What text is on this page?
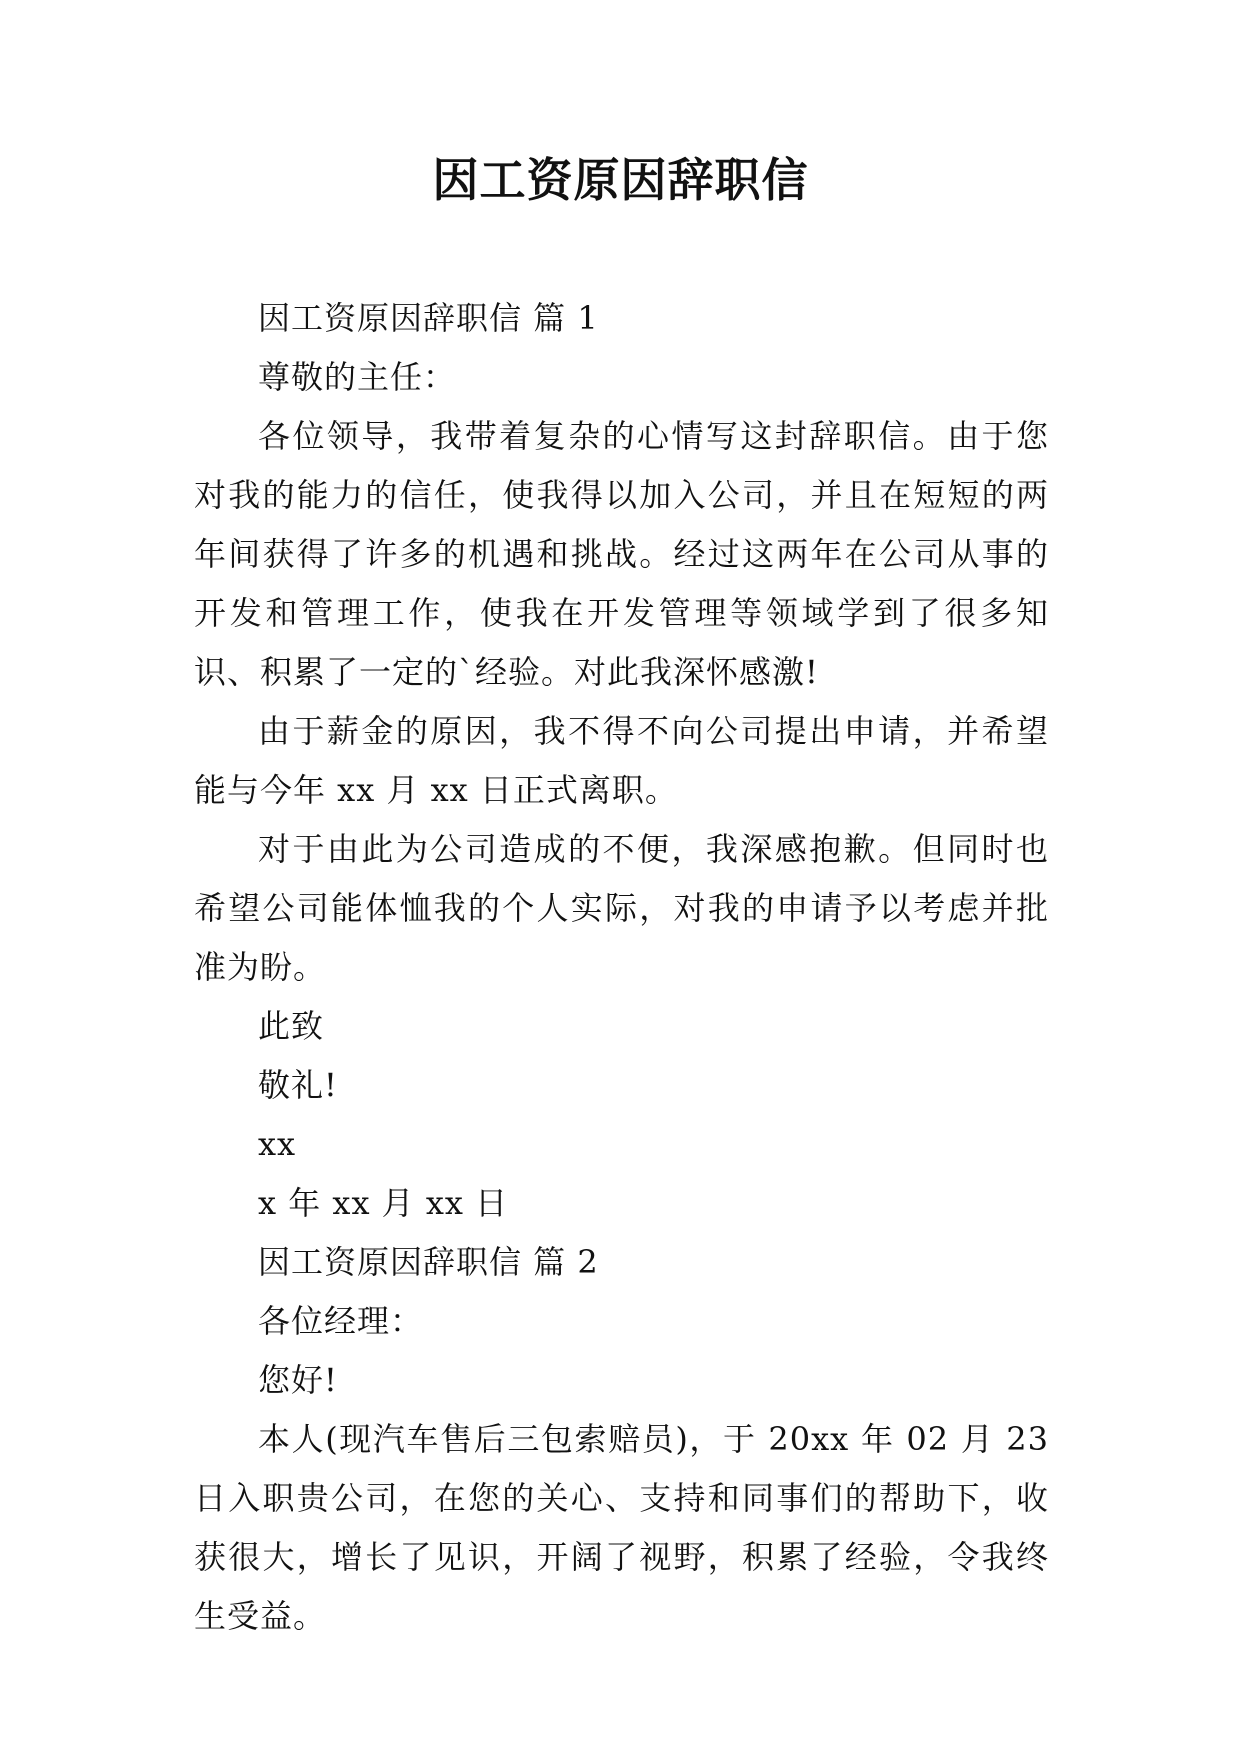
因工资原因辞职信

因工资原因辞职信 篇 1

尊敬的主任：

各位领导，我带着复杂的心情写这封辞职信。由于您对我的能力的信任，使我得以加入公司，并且在短短的两年间获得了许多的机遇和挑战。经过这两年在公司从事的开发和管理工作，使我在开发管理等领域学到了很多知识、积累了一定的`经验。对此我深怀感激!

由于薪金的原因，我不得不向公司提出申请，并希望能与今年 xx 月 xx 日正式离职。

对于由此为公司造成的不便，我深感抱歉。但同时也希望公司能体恤我的个人实际，对我的申请予以考虑并批准为盼。

此致

敬礼!

xx

x 年 xx 月 xx 日

因工资原因辞职信 篇 2

各位经理：

您好!

本人(现汽车售后三包索赔员)，于 20xx 年 02 月 23 日入职贵公司，在您的关心、支持和同事们的帮助下，收获很大，增长了见识，开阔了视野，积累了经验，令我终生受益。
